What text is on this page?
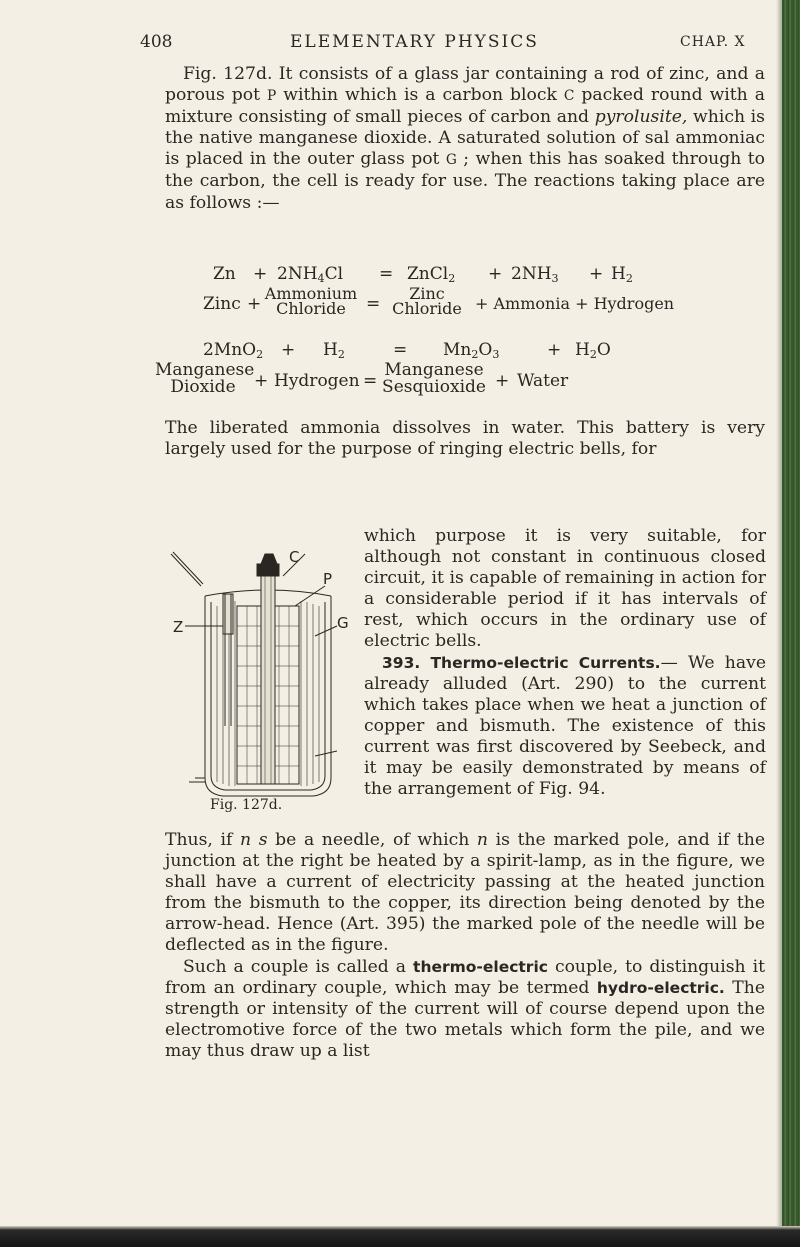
408	ELEMENTARY PHYSICS	CHAP. X
Fig. 127d. It consists of a glass jar containing a rod of zinc, and a porous pot P within which is a carbon block C packed round with a mixture consisting of small pieces of carbon and pyrolusite, which is the native manganese dioxide. A saturated solution of sal ammoniac is placed in the outer glass pot G ; when this has soaked through to the carbon, the cell is ready for use. The reactions taking place are as follows :—
$Zn + 2NH_4Cl$ = ZnCl$_2$ + $2NH_3 + H_2$
Zinc +
Ammonium
Chloride	=
Zinc
Chloride + Ammonia + Hydrogen
$2MnO_2 + H_2$	= $Mn_2O_3$	+ $H_2O$
Manganese
Dioxide	+ Hydrogen =
Manganese
Sesquioxide + Water
The liberated ammonia dissolves in water. This battery is very largely used for the purpose of ringing electric bells, for
C
P
Z	G
Fig. 127d.
which purpose it is very suitable, for although not constant in continuous closed circuit, it is capable of remaining in action for a considerable period if it has intervals of rest, which occurs in the ordinary use of electric bells.
393. Thermo-electric Currents.— We have already alluded (Art. 290) to the current which takes place when we heat a junction of copper and bismuth. The existence of this current was first discovered by Seebeck, and it may be easily demonstrated by means of the arrangement of Fig. 94.
Thus, if n s be a needle, of which n is the marked pole, and if the junction at the right be heated by a spirit-lamp, as in the figure, we shall have a current of electricity passing at the heated junction from the bismuth to the copper, its direction being denoted by the arrow-head. Hence (Art. 395) the marked pole of the needle will be deflected as in the figure.
Such a couple is called a thermo-electric couple, to distinguish it from an ordinary couple, which may be termed hydro-electric. The strength or intensity of the current will of course depend upon the electromotive force of the two metals which form the pile, and we may thus draw up a list
